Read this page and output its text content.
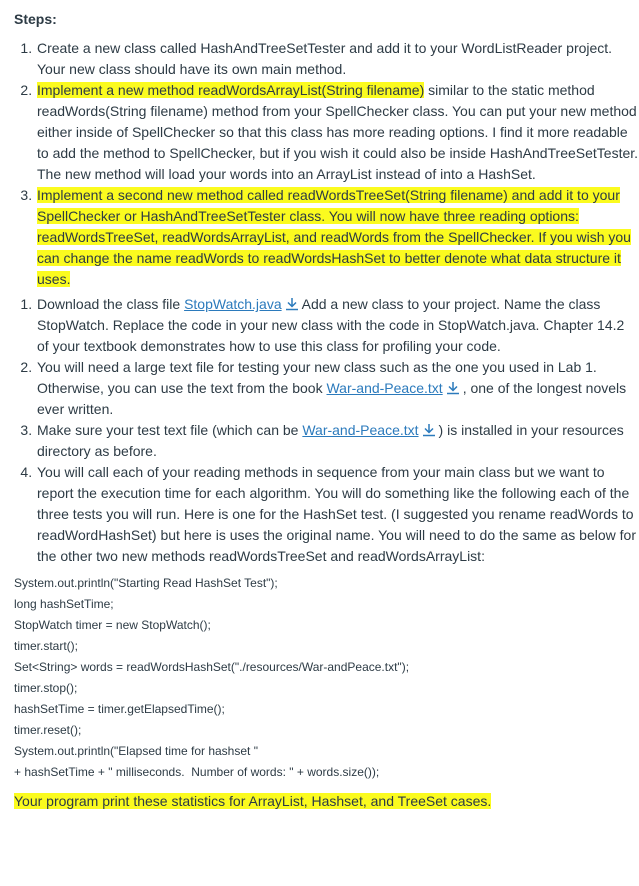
Steps:
1. Create a new class called HashAndTreeSetTester and add it to your WordListReader project. Your new class should have its own main method.
2. Implement a new method readWordsArrayList(String filename) similar to the static method readWords(String filename) method from your SpellChecker class. You can put your new method either inside of SpellChecker so that this class has more reading options. I find it more readable to add the method to SpellChecker, but if you wish it could also be inside HashAndTreeSetTester. The new method will load your words into an ArrayList instead of into a HashSet.
3. Implement a second new method called readWordsTreeSet(String filename) and add it to your SpellChecker or HashAndTreeSetTester class. You will now have three reading options: readWordsTreeSet, readWordsArrayList, and readWords from the SpellChecker. If you wish you can change the name readWords to readWordsHashSet to better denote what data structure it uses.
1. Download the class file StopWatch.java Add a new class to your project. Name the class StopWatch. Replace the code in your new class with the code in StopWatch.java. Chapter 14.2 of your textbook demonstrates how to use this class for profiling your code.
2. You will need a large text file for testing your new class such as the one you used in Lab 1. Otherwise, you can use the text from the book War-and-Peace.txt , one of the longest novels ever written.
3. Make sure your test text file (which can be War-and-Peace.txt ) is installed in your resources directory as before.
4. You will call each of your reading methods in sequence from your main class but we want to report the execution time for each algorithm. You will do something like the following each of the three tests you will run. Here is one for the HashSet test. (I suggested you rename readWords to readWordHashSet) but here is uses the original name. You will need to do the same as below for the other two new methods readWordsTreeSet and readWordsArrayList:
System.out.println("Starting Read HashSet Test");
long hashSetTime;
StopWatch timer = new StopWatch();
timer.start();
Set<String> words = readWordsHashSet("./resources/War-andPeace.txt");
timer.stop();
hashSetTime = timer.getElapsedTime();
timer.reset();
System.out.println("Elapsed time for hashset "
+ hashSetTime + " milliseconds.  Number of words: " + words.size());
Your program print these statistics for ArrayList, Hashset, and TreeSet cases.
